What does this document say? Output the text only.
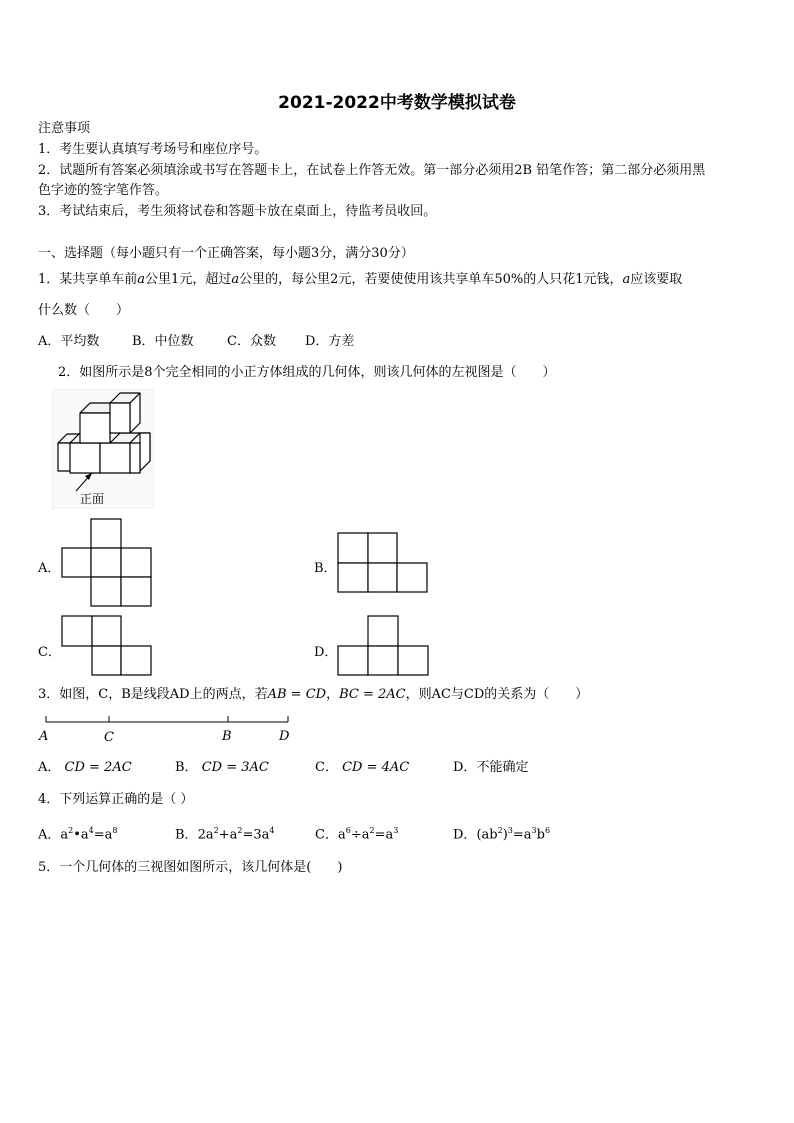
2021-2022中考数学模拟试卷
注意事项
1．考生要认真填写考场号和座位序号。
2．试题所有答案必须填涂或书写在答题卡上，在试卷上作答无效。第一部分必须用2B 铅笔作答；第二部分必须用黑
色字迹的签字笔作答。
3．考试结束后，考生须将试卷和答题卡放在桌面上，待监考员收回。
一、选择题（每小题只有一个正确答案，每小题3分，满分30分）
1．某共享单车前a公里1元，超过a公里的，每公里2元，若要使使用该共享单车50%的人只花1元钱，a应该要取
什么数（　　）
A．平均数	B．中位数	C．众数 D．方差
2．如图所示是8个完全相同的小正方体组成的几何体，则该几何体的左视图是（　　）
正面
A．	B．
C．	D．
3．如图，C，B是线段AD上的两点，若AB = CD，BC = 2AC，则AC与CD的关系为（　　）
A	C	B	D
A． CD = 2AC	B． CD = 3AC	C． CD = 4AC	D．不能确定
4．下列运算正确的是（ ）
A．$a^2•a^4=a^8$	B．$2a^2+a^2=3a^4$	C．$a^6\div a^2=a^3$	D．$(ab^2)^3=a^3b^6$
5．一个几何体的三视图如图所示，该几何体是(　　)
